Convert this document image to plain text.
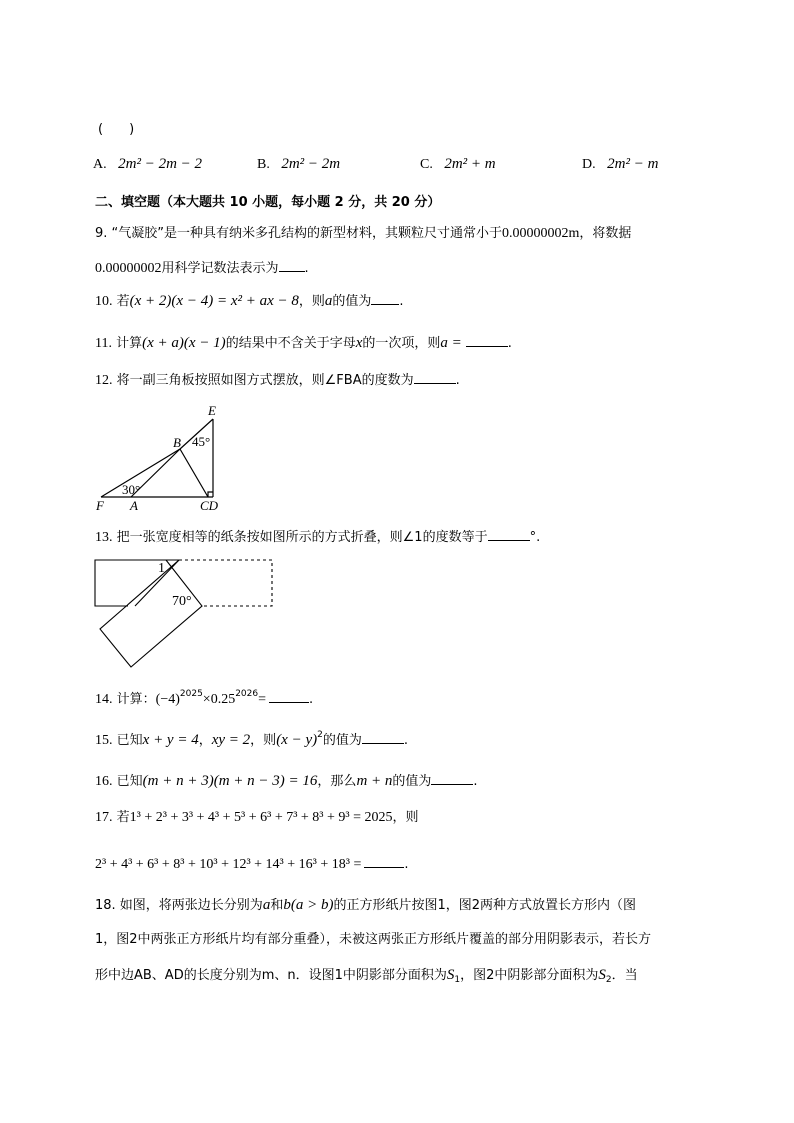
(　　)
A. 2m² − 2m − 2	B. 2m² − 2m	C. 2m² + m	D. 2m² − m
二、填空题（本大题共 10 小题，每小题 2 分，共 20 分）
9. “气凝胶”是一种具有纳米多孔结构的新型材料，其颗粒尺寸通常小于0.00000002m，将数据
0.00000002用科学记数法表示为 .
10. 若(x + 2)(x − 4) = x² + ax − 8，则a的值为 .
11. 计算(x + a)(x − 1)的结果中不含关于字母x的一次项，则a =	.
12. 将一副三角板按照如图方式摆放，则∠FBA的度数为	.
E
B 45°
30°
F A	CD
13. 把一张宽度相等的纸条按如图所示的方式折叠，则∠1的度数等于	°.
1
70°
14. 计算：$(-4)^{2025}\times 0.25^{2026}=$	.
15. 已知x + y = 4，xy = 2，则$(x - y)^2$的值为	.
16. 已知(m + n + 3)(m + n − 3) = 16，那么m + n的值为	.
17. 若1³ + 2³ + 3³ + 4³ + 5³ + 6³ + 7³ + 8³ + 9³ = 2025，则
2³ + 4³ + 6³ + 8³ + 10³ + 12³ + 14³ + 16³ + 18³ =	.
18. 如图，将两张边长分别为a和b(a > b)的正方形纸片按图1，图2两种方式放置长方形内（图
1，图2中两张正方形纸片均有部分重叠），未被这两张正方形纸片覆盖的部分用阴影表示，若长方
形中边AB、AD的长度分别为m、n．设图1中阴影部分面积为$S_1$，图2中阴影部分面积为$S_2$．当
